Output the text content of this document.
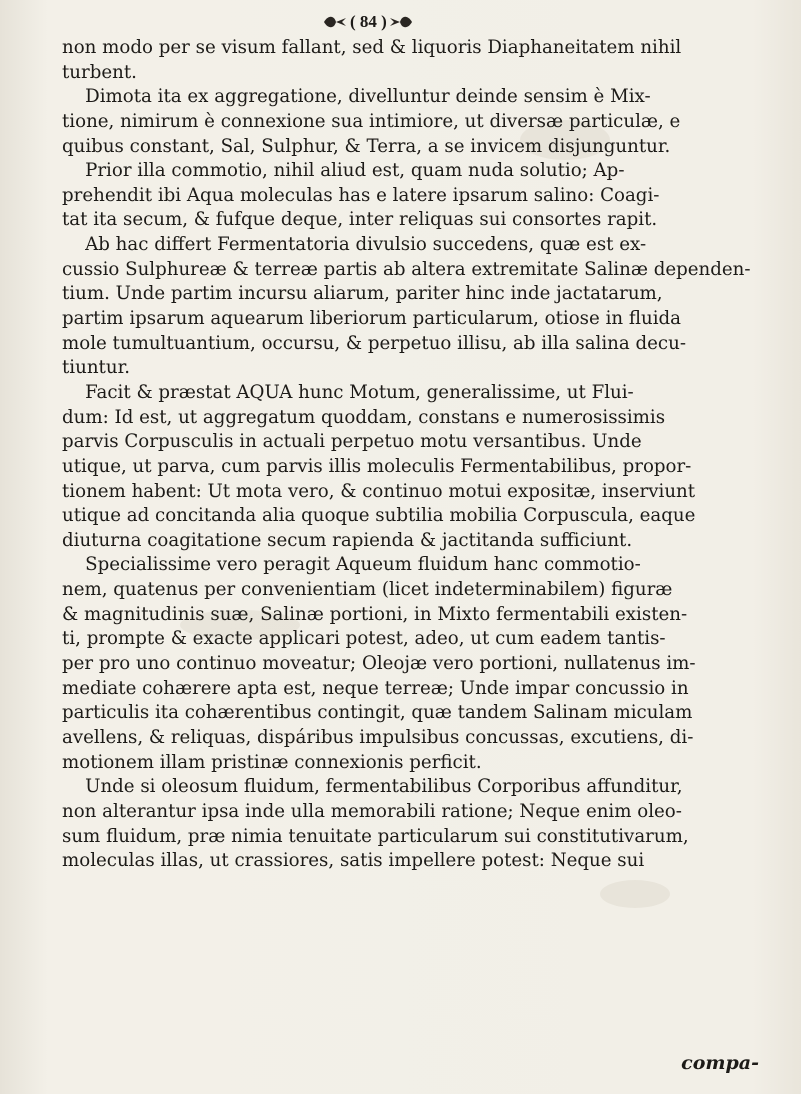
( 84 )
non modo per se visum fallant, sed & liquoris Diaphaneitatem nihil
turbent.
Dimota ita ex aggregatione, divelluntur deinde sensim è Mix-
tione, nimirum è connexione sua intimiore, ut diversæ particulæ, e
quibus constant, Sal, Sulphur, & Terra, a se invicem disjunguntur.
Prior illa commotio, nihil aliud est, quam nuda solutio; Ap-
prehendit ibi Aqua moleculas has e latere ipsarum salino: Coagi-
tat ita secum, & fufque deque, inter reliquas sui consortes rapit.
Ab hac differt Fermentatoria divulsio succedens, quæ est ex-
cussio Sulphureæ & terreæ partis ab altera extremitate Salinæ dependen-
tium. Unde partim incursu aliarum, pariter hinc inde jactatarum,
partim ipsarum aquearum liberiorum particularum, otiose in fluida
mole tumultuantium, occursu, & perpetuo illisu, ab illa salina decu-
tiuntur.
Facit & præstat AQUA hunc Motum, generalissime, ut Flui-
dum: Id est, ut aggregatum quoddam, constans e numerosissimis
parvis Corpusculis in actuali perpetuo motu versantibus. Unde
utique, ut parva, cum parvis illis moleculis Fermentabilibus, propor-
tionem habent: Ut mota vero, & continuo motui expositæ, inserviunt
utique ad concitanda alia quoque subtilia mobilia Corpuscula, eaque
diuturna coagitatione secum rapienda & jactitanda sufficiunt.
Specialissime vero peragit Aqueum fluidum hanc commotio-
nem, quatenus per convenientiam (licet indeterminabilem) figuræ
& magnitudinis suæ, Salinæ portioni, in Mixto fermentabili existen-
ti, prompte & exacte applicari potest, adeo, ut cum eadem tantis-
per pro uno continuo moveatur; Oleojæ vero portioni, nullatenus im-
mediate cohærere apta est, neque terreæ; Unde impar concussio in
particulis ita cohærentibus contingit, quæ tandem Salinam miculam
avellens, & reliquas, dispáribus impulsibus concussas, excutiens, di-
motionem illam pristinæ connexionis perficit.
Unde si oleosum fluidum, fermentabilibus Corporibus affunditur,
non alterantur ipsa inde ulla memorabili ratione; Neque enim oleo-
sum fluidum, præ nimia tenuitate particularum sui constitutivarum,
moleculas illas, ut crassiores, satis impellere potest: Neque sui
compa-
